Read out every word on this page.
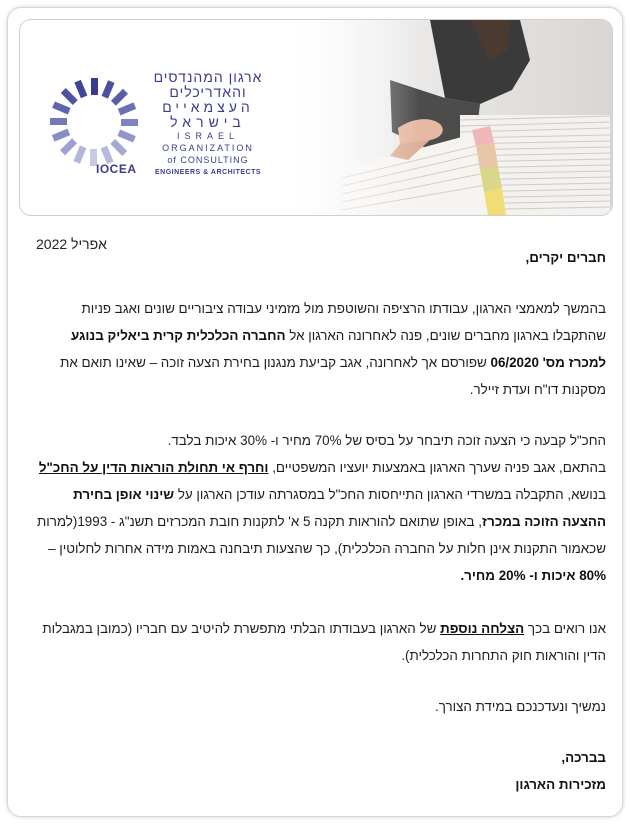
IOCEA
ארגון המהנדסים
והאדריכלים
העצמאיים
בישראל
ISRAEL
ORGANIZATION
of CONSULTING
ENGINEERS & ARCHITECTS
אפריל 2022

חברים יקרים,

בהמשך למאמצי הארגון, עבודתו הרציפה והשוטפת מול מזמיני עבודה ציבוריים שונים ואגב פניות שהתקבלו בארגון מחברים שונים, פנה לאחרונה הארגון אל החברה הכלכלית קרית ביאליק בנוגע למכרז מס' 06/2020 שפורסם אך לאחרונה, אגב קביעת מנגנון בחירת הצעה זוכה – שאינו תואם את מסקנות דו"ח ועדת זיילר.

החכ"ל קבעה כי הצעה זוכה תיבחר על בסיס של 70% מחיר ו- 30% איכות בלבד.

בהתאם, אגב פניה שערך הארגון באמצעות יועציו המשפטיים, וחרף אי תחולת הוראות הדין על החכ"ל בנושא, התקבלה במשרדי הארגון התייחסות החכ"ל במסגרתה עודכן הארגון על שינוי אופן בחירת ההצעה הזוכה במכרז, באופן שתואם להוראות תקנה 5 א' לתקנות חובת המכרזים תשנ"ג - 1993(למרות שכאמור התקנות אינן חלות על החברה הכלכלית), כך שהצעות תיבחנה באמות מידה אחרות לחלוטין – 80% איכות ו- 20% מחיר.

אנו רואים בכך הצלחה נוספת של הארגון בעבודתו הבלתי מתפשרת להיטיב עם חבריו (כמובן במגבלות הדין והוראות חוק התחרות הכלכלית).

נמשיך ונעדכנכם במידת הצורך.

בברכה,

מזכירות הארגון
